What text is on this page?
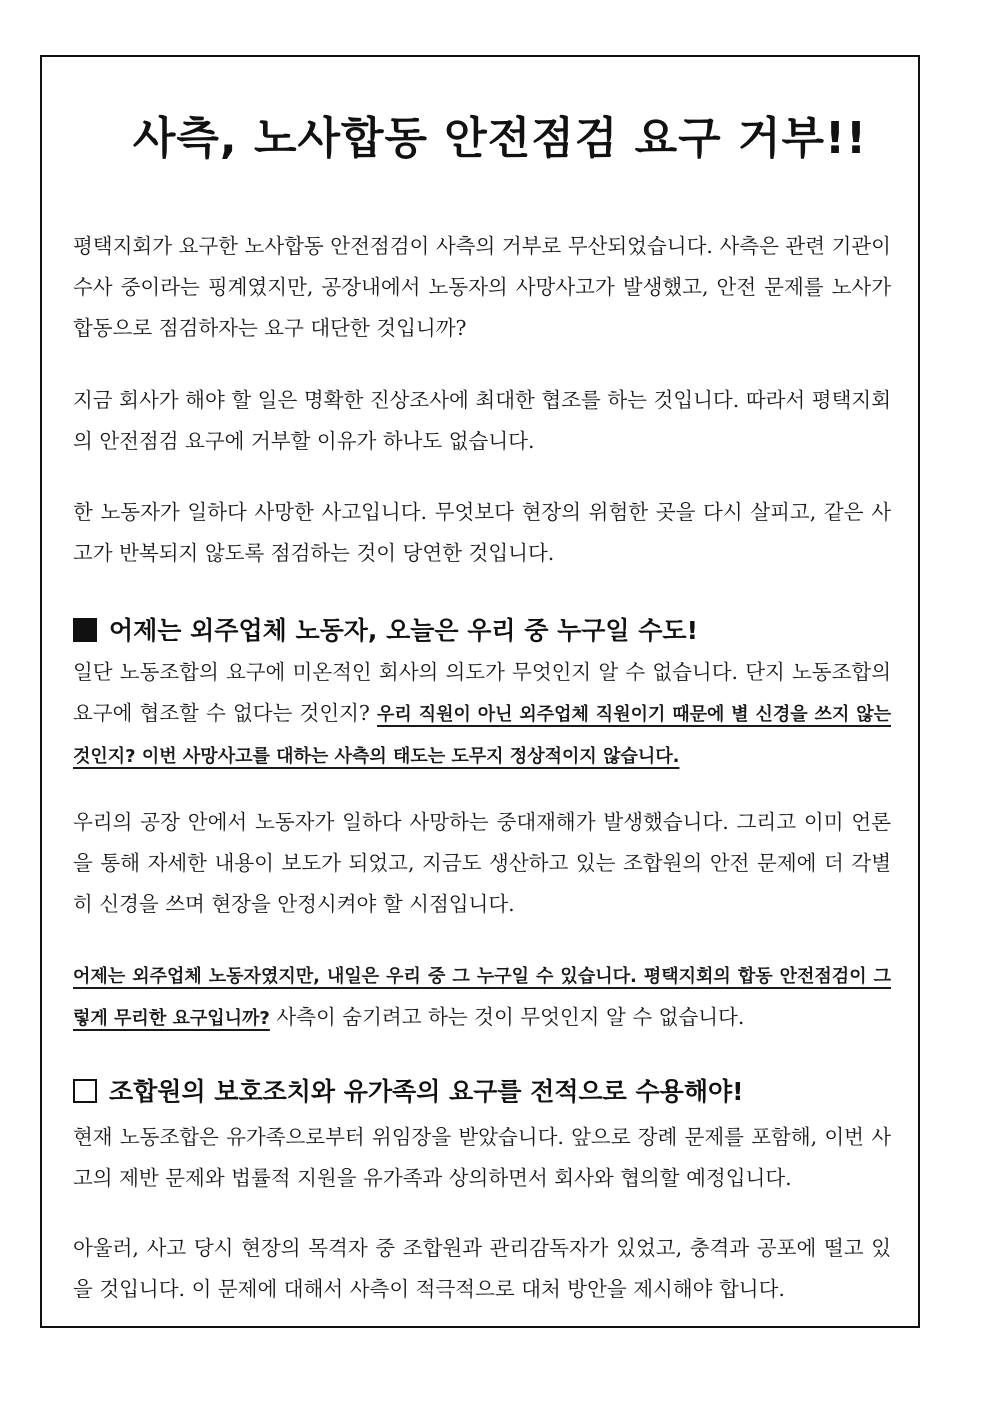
사측, 노사합동 안전점검 요구 거부!!

평택지회가 요구한 노사합동 안전점검이 사측의 거부로 무산되었습니다. 사측은 관련 기관이 수사 중이라는 핑계였지만, 공장내에서 노동자의 사망사고가 발생했고, 안전 문제를 노사가 합동으로 점검하자는 요구 대단한 것입니까?

지금 회사가 해야 할 일은 명확한 진상조사에 최대한 협조를 하는 것입니다. 따라서 평택지회의 안전점검 요구에 거부할 이유가 하나도 없습니다.

한 노동자가 일하다 사망한 사고입니다. 무엇보다 현장의 위험한 곳을 다시 살피고, 같은 사고가 반복되지 않도록 점검하는 것이 당연한 것입니다.

어제는 외주업체 노동자, 오늘은 우리 중 누구일 수도!

일단 노동조합의 요구에 미온적인 회사의 의도가 무엇인지 알 수 없습니다. 단지 노동조합의 요구에 협조할 수 없다는 것인지? 우리 직원이 아닌 외주업체 직원이기 때문에 별 신경을 쓰지 않는 것인지? 이번 사망사고를 대하는 사측의 태도는 도무지 정상적이지 않습니다.

우리의 공장 안에서 노동자가 일하다 사망하는 중대재해가 발생했습니다. 그리고 이미 언론을 통해 자세한 내용이 보도가 되었고, 지금도 생산하고 있는 조합원의 안전 문제에 더 각별히 신경을 쓰며 현장을 안정시켜야 할 시점입니다.

어제는 외주업체 노동자였지만, 내일은 우리 중 그 누구일 수 있습니다. 평택지회의 합동 안전점검이 그렇게 무리한 요구입니까? 사측이 숨기려고 하는 것이 무엇인지 알 수 없습니다.

조합원의 보호조치와 유가족의 요구를 전적으로 수용해야!

현재 노동조합은 유가족으로부터 위임장을 받았습니다. 앞으로 장례 문제를 포함해, 이번 사고의 제반 문제와 법률적 지원을 유가족과 상의하면서 회사와 협의할 예정입니다.

아울러, 사고 당시 현장의 목격자 중 조합원과 관리감독자가 있었고, 충격과 공포에 떨고 있을 것입니다. 이 문제에 대해서 사측이 적극적으로 대처 방안을 제시해야 합니다.
